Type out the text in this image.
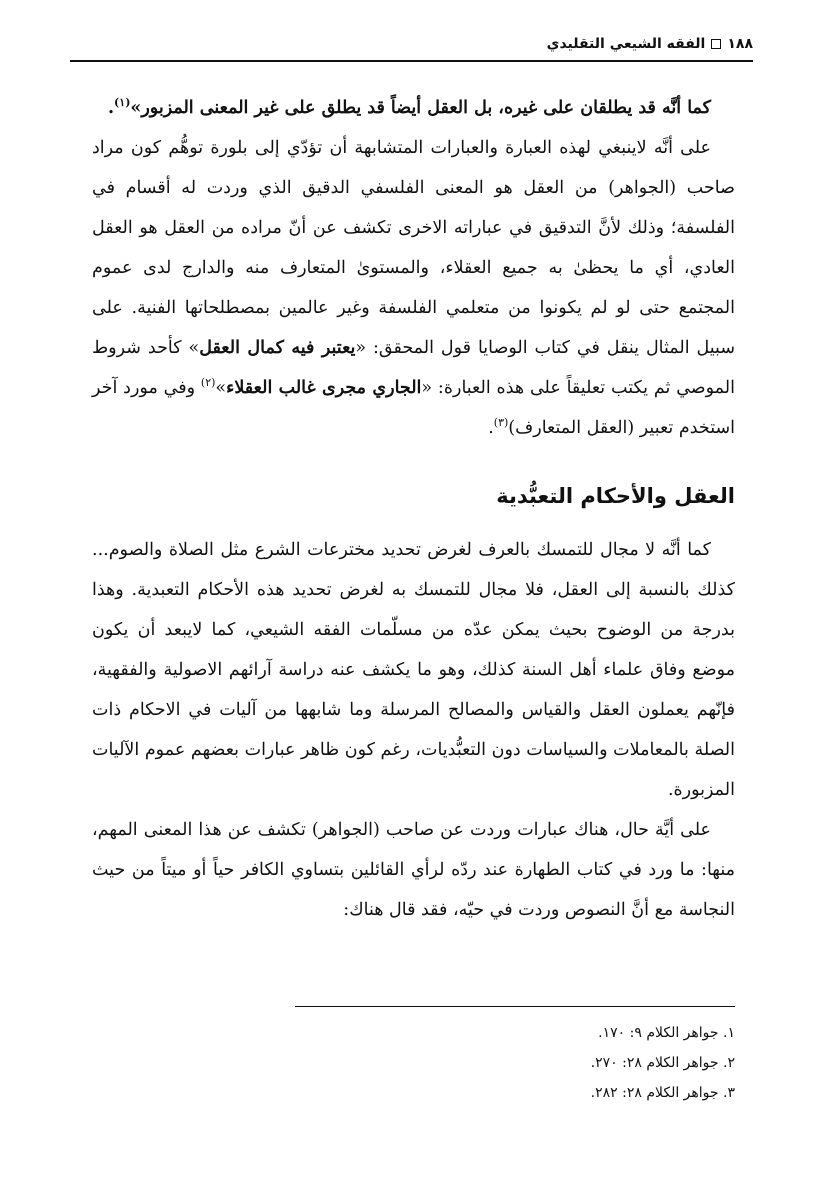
١٨٨
الفقه الشيعي التقليدي

كما أنَّه قد يطلقان على غيره، بل العقل أيضاً قد يطلق على غير المعنى المزبور»$^{(١)}$.

على أنَّه لاينبغي لهذه العبارة والعبارات المتشابهة أن تؤدّي إلى بلورة توهُّم كون مراد صاحب (الجواهر) من العقل هو المعنى الفلسفي الدقيق الذي وردت له أقسام في الفلسفة؛ وذلك لأنَّ التدقيق في عباراته الاخرى تكشف عن أنّ مراده من العقل هو العقل العادي، أي ما يحظىٰ به جميع العقلاء، والمستوىٰ المتعارف منه والدارج لدى عموم المجتمع حتى لو لم يكونوا من متعلمي الفلسفة وغير عالمين بمصطلحاتها الفنية. على سبيل المثال ينقل في كتاب الوصايا قول المحقق: «يعتبر فيه كمال العقل» كأحد شروط الموصي ثم يكتب تعليقاً على هذه العبارة: «الجاري مجرى غالب العقلاء»$^{(٢)}$ وفي مورد آخر استخدم تعبير (العقل المتعارف)$^{(٣)}$.

العقل والأحكام التعبُّدية

كما أنَّه لا مجال للتمسك بالعرف لغرض تحديد مخترعات الشرع مثل الصلاة والصوم... كذلك بالنسبة إلى العقل، فلا مجال للتمسك به لغرض تحديد هذه الأحكام التعبدية. وهذا بدرجة من الوضوح بحيث يمكن عدّه من مسلّمات الفقه الشيعي، كما لايبعد أن يكون موضع وفاق علماء أهل السنة كذلك، وهو ما يكشف عنه دراسة آرائهم الاصولية والفقهية، فإنّهم يعملون العقل والقياس والمصالح المرسلة وما شابهها من آليات في الاحكام ذات الصلة بالمعاملات والسياسات دون التعبُّديات، رغم كون ظاهر عبارات بعضهم عموم الآليات المزبورة.

على أيَّة حال، هناك عبارات وردت عن صاحب (الجواهر) تكشف عن هذا المعنى المهم، منها: ما ورد في كتاب الطهارة عند ردّه لرأي القائلين بتساوي الكافر حياً أو ميتاً من حيث النجاسة مع أنَّ النصوص وردت في حيّه، فقد قال هناك:

١. جواهر الكلام ٩: ١٧٠.
٢. جواهر الكلام ٢٨: ٢٧٠.
٣. جواهر الكلام ٢٨: ٢٨٢.
